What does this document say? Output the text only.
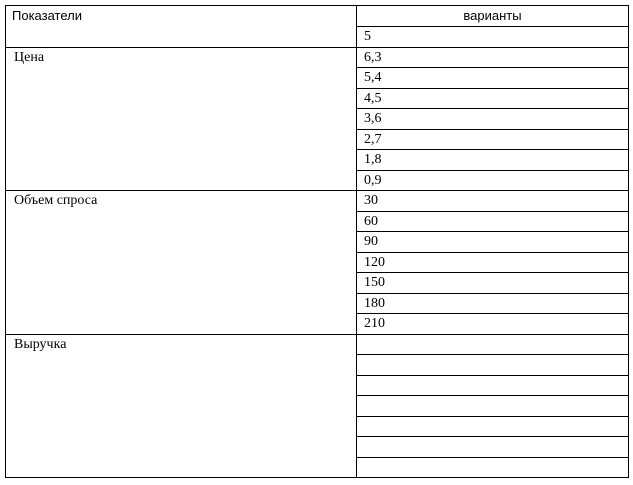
Показатели	варианты
	5
Цена	6,3
	5,4
	4,5
	3,6
	2,7
	1,8
	0,9
Объем спроса	30
	60
	90
	120
	150
	180
	210
Выручка	
